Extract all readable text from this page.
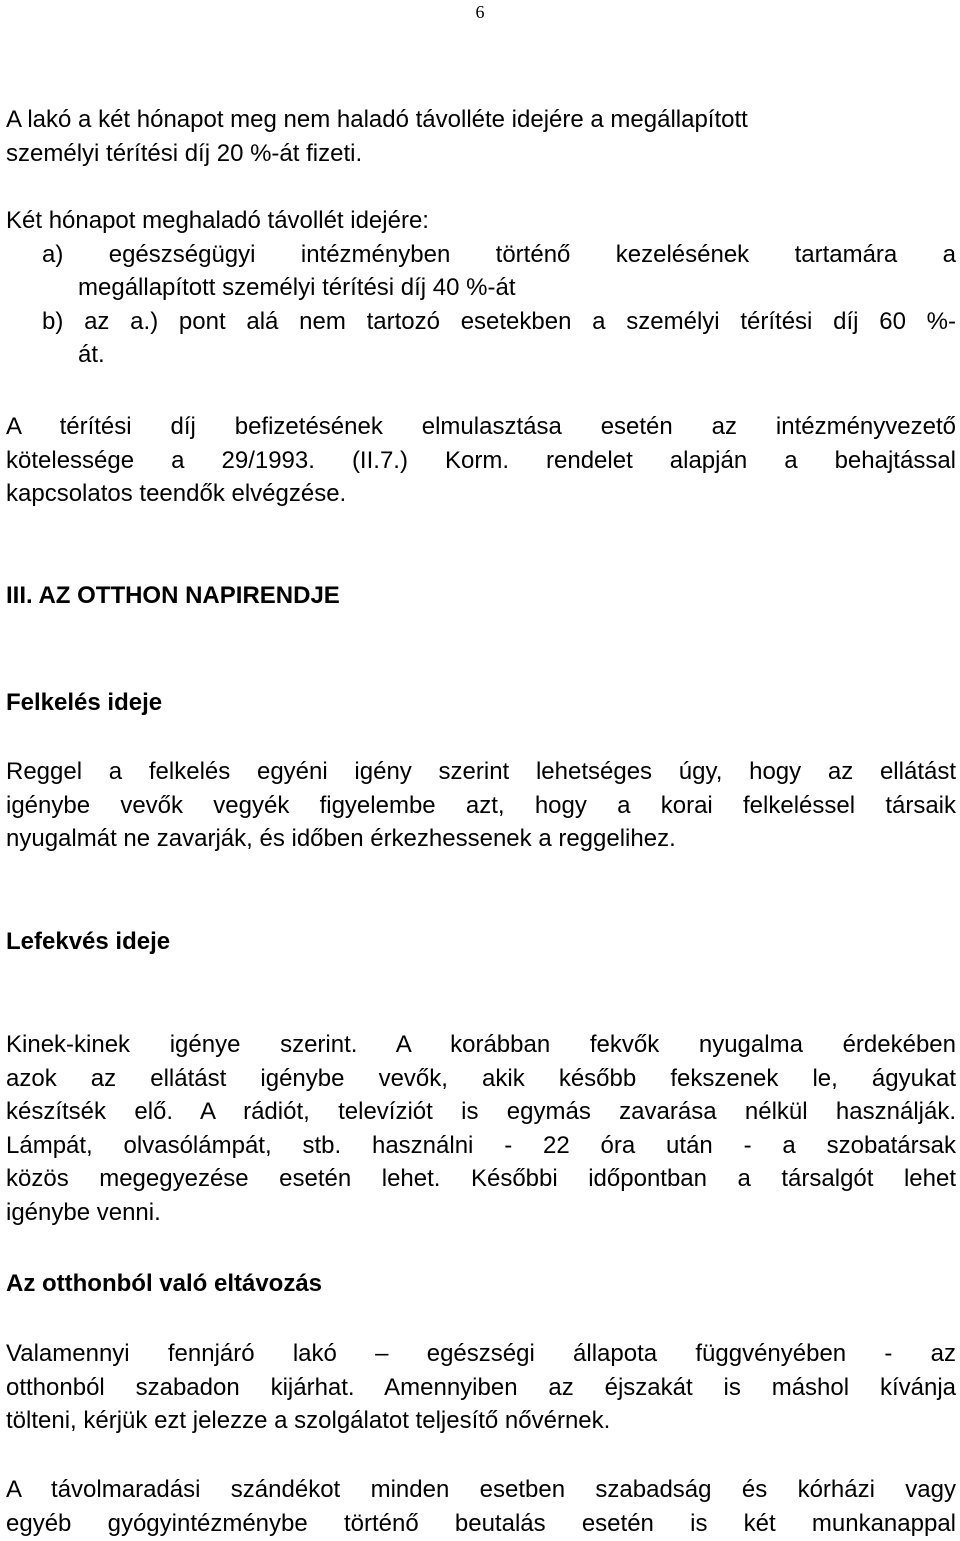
6
A lakó a két hónapot meg nem haladó távolléte idejére a megállapított
személyi térítési díj 20 %-át fizeti.
Két hónapot meghaladó távollét idejére:
a) egészségügyi intézményben történő kezelésének tartamára a
megállapított személyi térítési díj 40 %-át
b) az a.) pont alá nem tartozó esetekben a személyi térítési díj 60 %-
át.
A térítési díj befizetésének elmulasztása esetén az intézményvezető
kötelessége a 29/1993. (II.7.) Korm. rendelet alapján a behajtással
kapcsolatos teendők elvégzése.
III. AZ OTTHON NAPIRENDJE
Felkelés ideje
Reggel a felkelés egyéni igény szerint lehetséges úgy, hogy az ellátást
igénybe vevők vegyék figyelembe azt, hogy a korai felkeléssel társaik
nyugalmát ne zavarják, és időben érkezhessenek a reggelihez.
Lefekvés ideje
Kinek-kinek igénye szerint. A korábban fekvők nyugalma érdekében
azok az ellátást igénybe vevők, akik később fekszenek le, ágyukat
készítsék elő. A rádiót, televíziót is egymás zavarása nélkül használják.
Lámpát, olvasólámpát, stb. használni - 22 óra után - a szobatársak
közös megegyezése esetén lehet. Későbbi időpontban a társalgót lehet
igénybe venni.
Az otthonból való eltávozás
Valamennyi fennjáró lakó – egészségi állapota függvényében - az
otthonból szabadon kijárhat. Amennyiben az éjszakát is máshol kívánja
tölteni, kérjük ezt jelezze a szolgálatot teljesítő nővérnek.
A távolmaradási szándékot minden esetben szabadság és kórházi vagy
egyéb gyógyintézménybe történő beutalás esetén is két munkanappal
